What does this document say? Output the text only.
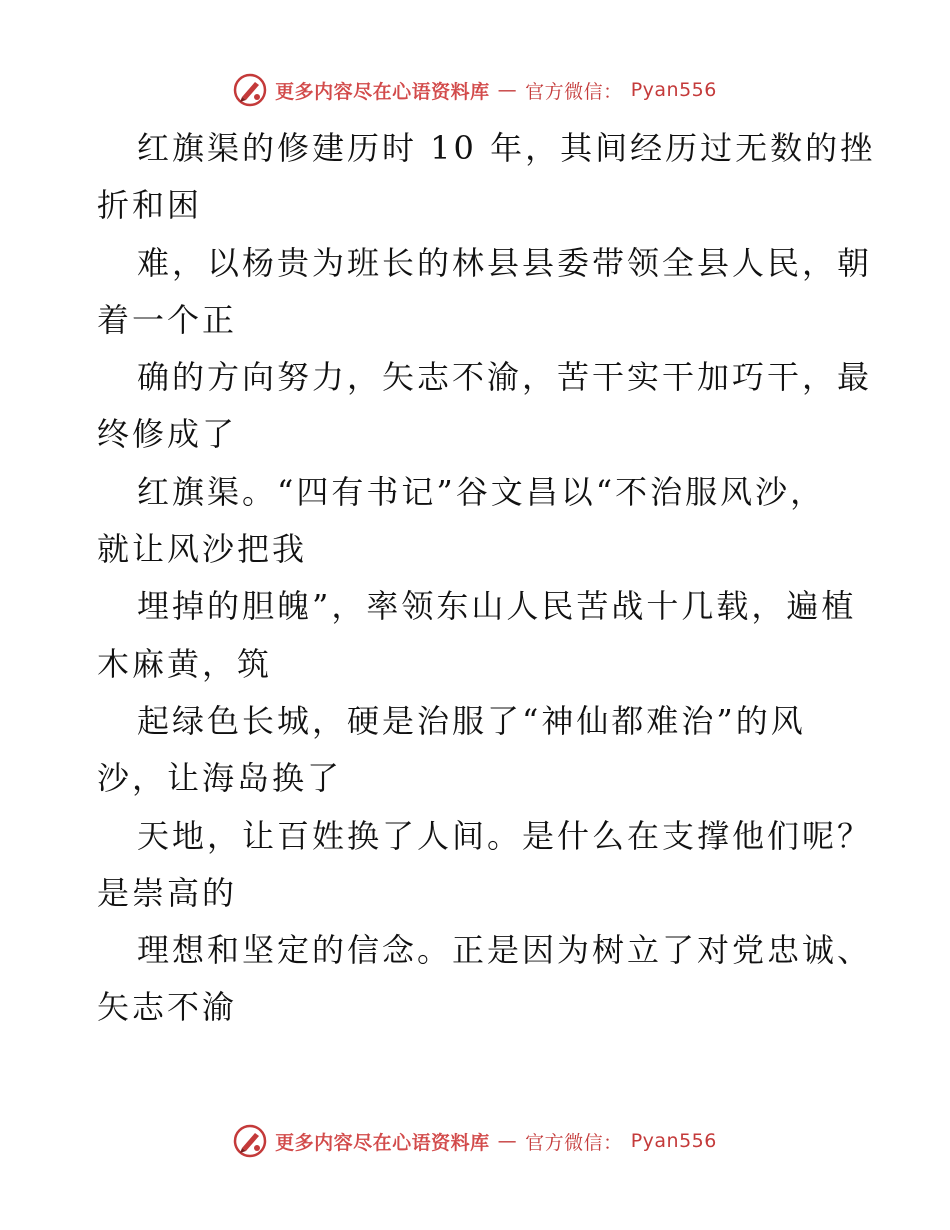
更多内容尽在心语资料库 — 官方微信： Pyan556
红旗渠的修建历时 10 年，其间经历过无数的挫
折和困
难，以杨贵为班长的林县县委带领全县人民，朝
着一个正
确的方向努力，矢志不渝，苦干实干加巧干，最
终修成了
红旗渠。“四有书记”谷文昌以“不治服风沙，
就让风沙把我
埋掉的胆魄”，率领东山人民苦战十几载，遍植
木麻黄，筑
起绿色长城，硬是治服了“神仙都难治”的风
沙，让海岛换了
天地，让百姓换了人间。是什么在支撑他们呢？
是崇高的
理想和坚定的信念。正是因为树立了对党忠诚、
矢志不渝
更多内容尽在心语资料库 — 官方微信： Pyan556
